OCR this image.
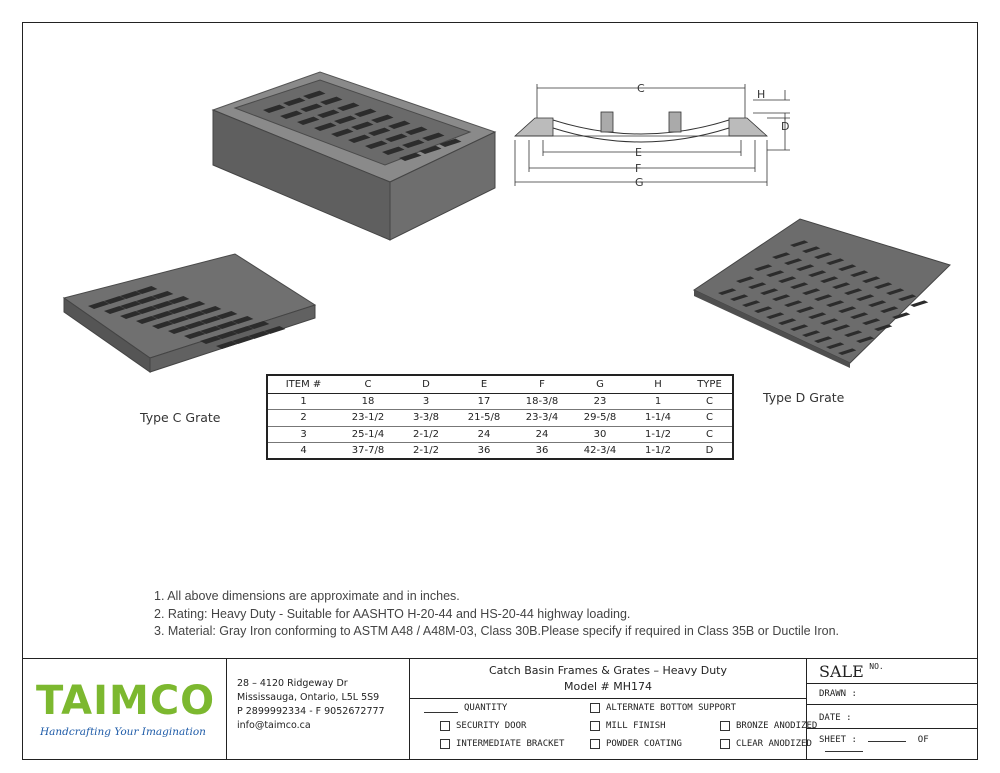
C	H
D
E
F
G
Type C Grate
Type D Grate
ITEM #	C	D	E	F	G	H	TYPE
1	18	3	17	18-3/8	23	1	C
2	23-1/2	3-3/8	21-5/8	23-3/4	29-5/8	1-1/4	C
3	25-1/4	2-1/2	24	24	30	1-1/2	C
4	37-7/8	2-1/2	36	36	42-3/4	1-1/2	D
1. All above dimensions are approximate and in inches.
2. Rating: Heavy Duty - Suitable for AASHTO H-20-44 and HS-20-44 highway loading.
3. Material: Gray Iron conforming to ASTM A48 / A48M-03, Class 30B.Please specify if required in Class 35B or Ductile Iron.
TAIMCO
Handcrafting Your Imagination
28 – 4120 Ridgeway Dr
Mississauga, Ontario, L5L 5S9
P 2899992334 - F 9052672777
info@taimco.ca
Catch Basin Frames & Grates – Heavy Duty
Model # MH174
QUANTITY
SECURITY DOOR
INTERMEDIATE BRACKET
ALTERNATE BOTTOM SUPPORT
MILL FINISH
POWDER COATING
BRONZE ANODIZED
CLEAR ANODIZED
SALE NO.
DRAWN :
DATE :
SHEET :	OF
